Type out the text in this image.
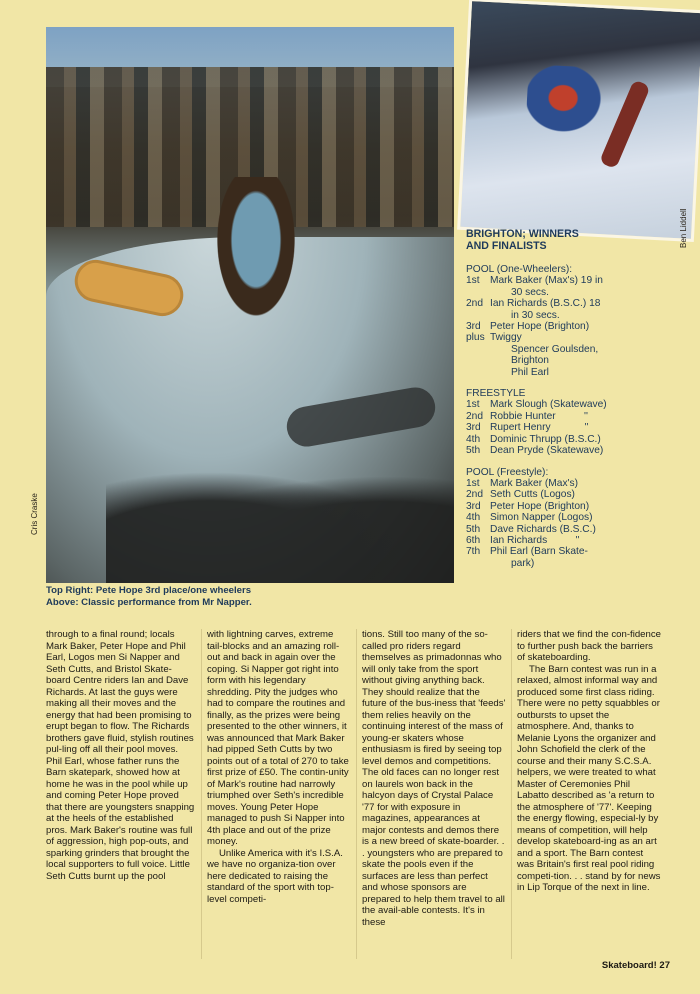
Cris Craske
Ben Liddell
BRIGHTON; WINNERS
AND FINALISTS
POOL (One-Wheelers):
1st	Mark Baker (Max's) 19 in
30 secs.
2nd Ian Richards (B.S.C.) 18
in 30 secs.
3rd Peter Hope (Brighton)
plus Twiggy
Spencer Goulsden,
Brighton
Phil Earl
FREESTYLE
1st	Mark Slough (Skatewave)
2nd Robbie Hunter          ''
3rd Rupert Henry            ''
4th Dominic Thrupp (B.S.C.)
5th Dean Pryde (Skatewave)
POOL (Freestyle):
1st	Mark Baker (Max's)
2nd Seth Cutts (Logos)
3rd Peter Hope (Brighton)
4th Simon Napper (Logos)
5th Dave Richards (B.S.C.)
6th Ian Richards          ''
7th Phil Earl (Barn Skate-
park)
Top Right: Pete Hope 3rd place/one wheelers
Above: Classic performance from Mr Napper.

through to a final round; locals Mark Baker, Peter Hope and Phil Earl, Logos men Si Napper and Seth Cutts, and Bristol Skate-board Centre riders Ian and Dave Richards. At last the guys were making all their moves and the energy that had been promising to erupt began to flow. The Richards brothers gave fluid, stylish routines pul-ling off all their pool moves. Phil Earl, whose father runs the Barn skatepark, showed how at home he was in the pool while up and coming Peter Hope proved that there are youngsters snapping at the heels of the established pros. Mark Baker's routine was full of aggression, high pop-outs, and sparking grinders that brought the local supporters to full voice. Little Seth Cutts burnt up the pool

with lightning carves, extreme tail-blocks and an amazing roll-out and back in again over the coping. Si Napper got right into form with his legendary shredding. Pity the judges who had to compare the routines and finally, as the prizes were being presented to the other winners, it was announced that Mark Baker had pipped Seth Cutts by two points out of a total of 270 to take first prize of £50. The contin-unity of Mark's routine had narrowly triumphed over Seth's incredible moves. Young Peter Hope managed to push Si Napper into 4th place and out of the prize money.

Unlike America with it's I.S.A. we have no organiza-tion over here dedicated to raising the standard of the sport with top-level competi-

tions. Still too many of the so-called pro riders regard themselves as primadonnas who will only take from the sport without giving anything back. They should realize that the future of the bus-iness that 'feeds' them relies heavily on the continuing interest of the mass of young-er skaters whose enthusiasm is fired by seeing top level demos and competitions. The old faces can no longer rest on laurels won back in the halcyon days of Crystal Palace '77 for with exposure in magazines, appearances at major contests and demos there is a new breed of skate-boarder. . . youngsters who are prepared to skate the pools even if the surfaces are less than perfect and whose sponsors are prepared to help them travel to all the avail-able contests. It's in these

riders that we find the con-fidence to further push back the barriers of skateboarding.

The Barn contest was run in a relaxed, almost informal way and produced some first class riding. There were no petty squabbles or outbursts to upset the atmosphere. And, thanks to Melanie Lyons the organizer and John Schofield the clerk of the course and their many S.C.S.A. helpers, we were treated to what Master of Ceremonies Phil Labatto described as 'a return to the atmosphere of '77'. Keeping the energy flowing, especial-ly by means of competition, will help develop skateboard-ing as an art and a sport. The Barn contest was Britain's first real pool riding competi-tion. . . stand by for news in Lip Torque of the next in line.

Skateboard! 27
